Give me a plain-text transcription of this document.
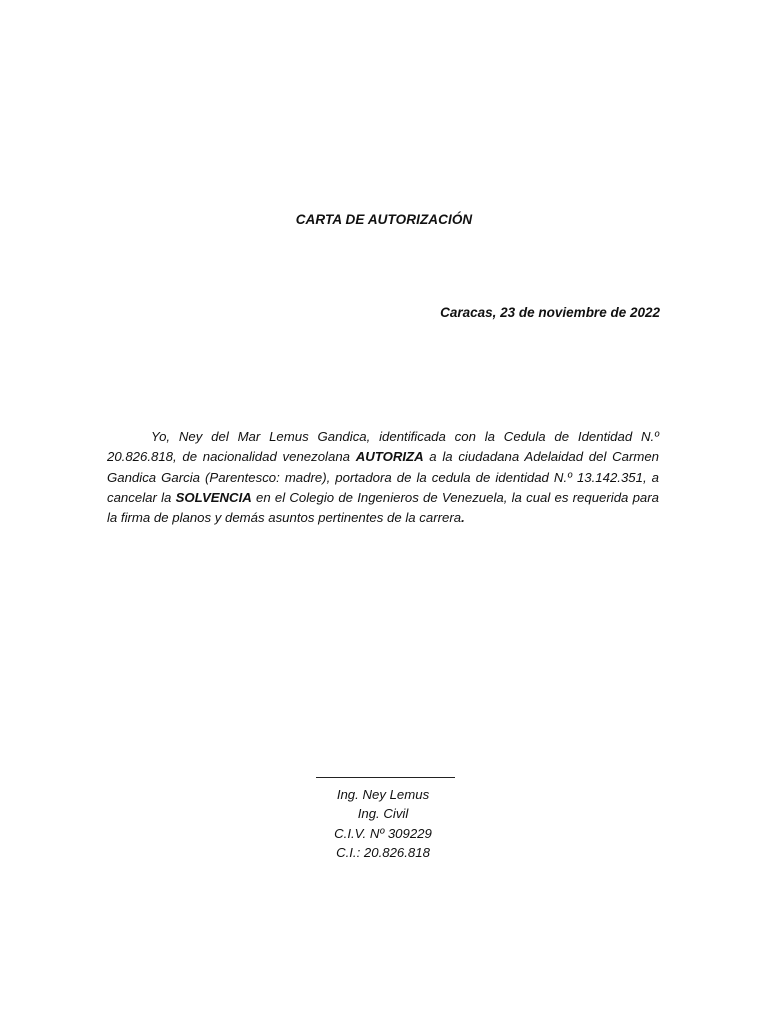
CARTA DE AUTORIZACIÓN
Caracas, 23 de noviembre de 2022

Yo, Ney del Mar Lemus Gandica, identificada con la Cedula de Identidad N.º 20.826.818, de nacionalidad venezolana AUTORIZA a la ciudadana Adelaidad del Carmen Gandica Garcia (Parentesco: madre), portadora de la cedula de identidad N.º 13.142.351, a cancelar la SOLVENCIA en el Colegio de Ingenieros de Venezuela, la cual es requerida para la firma de planos y demás asuntos pertinentes de la carrera.

Ing. Ney Lemus
Ing. Civil
C.I.V. Nº 309229
C.I.: 20.826.818
